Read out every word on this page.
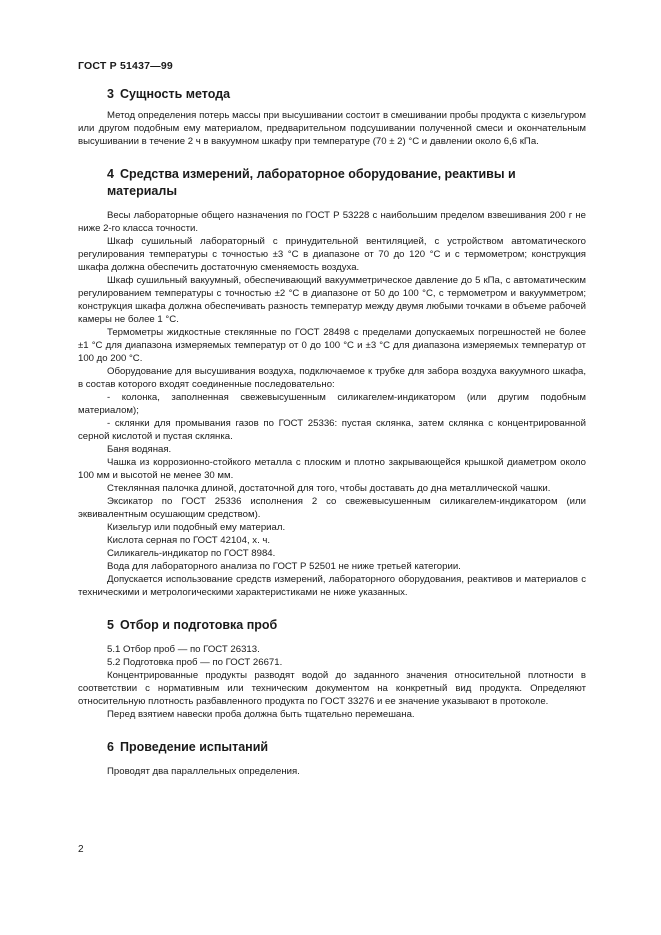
ГОСТ Р 51437—99
3 Сущность метода

Метод определения потерь массы при высушивании состоит в смешивании пробы продукта с кизельгуром или другом подобным ему материалом, предварительном подсушивании полученной смеси и окончательным высушивании в течение 2 ч в вакуумном шкафу при температуре (70 ± 2) °С и давлении около 6,6 кПа.

4 Средства измерений, лабораторное оборудование, реактивы и материалы

Весы лабораторные общего назначения по ГОСТ Р 53228 с наибольшим пределом взвешивания 200 г не ниже 2-го класса точности.

Шкаф сушильный лабораторный с принудительной вентиляцией, с устройством автоматического регулирования температуры с точностью ±3 °С в диапазоне от 70 до 120 °С и с термометром; конструкция шкафа должна обеспечить достаточную сменяемость воздуха.

Шкаф сушильный вакуумный, обеспечивающий вакуумметрическое давление до 5 кПа, с автоматическим регулированием температуры с точностью ±2 °С в диапазоне от 50 до 100 °С, с термометром и вакуумметром; конструкция шкафа должна обеспечивать разность температур между двумя любыми точками в объеме рабочей камеры не более 1 °С.

Термометры жидкостные стеклянные по ГОСТ 28498 с пределами допускаемых погрешностей не более ±1 °С для диапазона измеряемых температур от 0 до 100 °С и ±3 °С для диапазона измеряемых температур от 100 до 200 °С.

Оборудование для высушивания воздуха, подключаемое к трубке для забора воздуха вакуумного шкафа, в состав которого входят соединенные последовательно:

- колонка, заполненная свежевысушенным силикагелем-индикатором (или другим подобным материалом);

- склянки для промывания газов по ГОСТ 25336: пустая склянка, затем склянка с концентрированной серной кислотой и пустая склянка.

Баня водяная.

Чашка из коррозионно-стойкого металла с плоским и плотно закрывающейся крышкой диаметром около 100 мм и высотой не менее 30 мм.

Стеклянная палочка длиной, достаточной для того, чтобы доставать до дна металлической чашки.

Эксикатор по ГОСТ 25336 исполнения 2 со свежевысушенным силикагелем-индикатором (или эквивалентным осушающим средством).

Кизельгур или подобный ему материал.

Кислота серная по ГОСТ 42104, х. ч.

Силикагель-индикатор по ГОСТ 8984.

Вода для лабораторного анализа по ГОСТ Р 52501 не ниже третьей категории.

Допускается использование средств измерений, лабораторного оборудования, реактивов и материалов с техническими и метрологическими характеристиками не ниже указанных.

5 Отбор и подготовка проб

5.1 Отбор проб — по ГОСТ 26313.

5.2 Подготовка проб — по ГОСТ 26671.

Концентрированные продукты разводят водой до заданного значения относительной плотности в соответствии с нормативным или техническим документом на конкретный вид продукта. Определяют относительную плотность разбавленного продукта по ГОСТ 33276 и ее значение указывают в протоколе.

Перед взятием навески проба должна быть тщательно перемешана.

6 Проведение испытаний

Проводят два параллельных определения.

2
